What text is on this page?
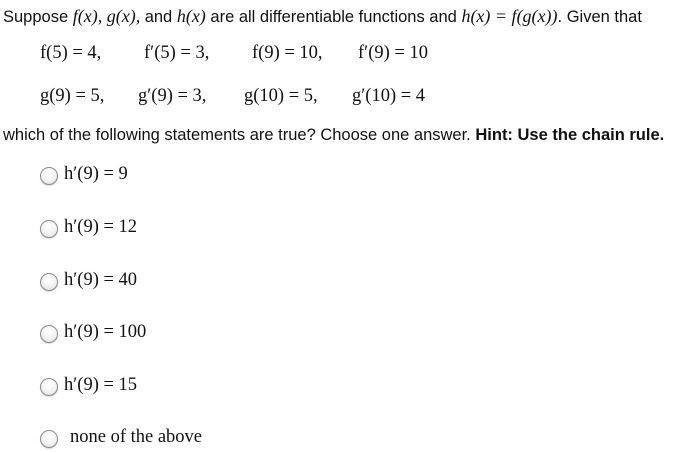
Suppose f(x), g(x), and h(x) are all differentiable functions and h(x) = f(g(x)). Given that
f(5) = 4, f′(5) = 3, f(9) = 10, f′(9) = 10
g(9) = 5, g′(9) = 3, g(10) = 5, g′(10) = 4
which of the following statements are true? Choose one answer. Hint: Use the chain rule.
h′(9) = 9
h′(9) = 12
h′(9) = 40
h′(9) = 100
h′(9) = 15
none of the above
